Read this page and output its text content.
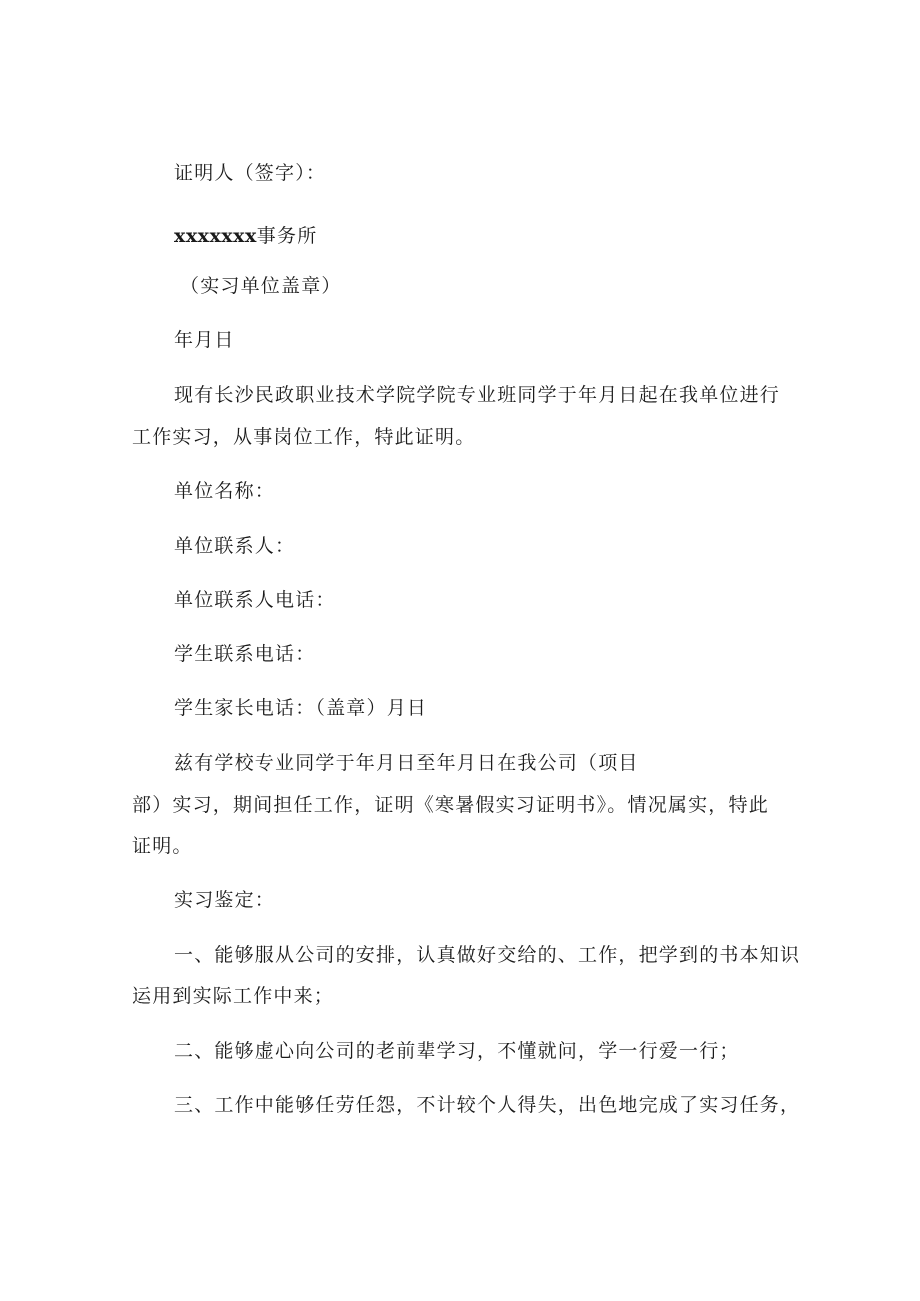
证明人（签字）：
xxxxxxx事务所
（实习单位盖章）
年月日
现有长沙民政职业技术学院学院专业班同学于年月日起在我单位进行
工作实习，从事岗位工作，特此证明。
单位名称：
单位联系人：
单位联系人电话：
学生联系电话：
学生家长电话：（盖章）月日
兹有学校专业同学于年月日至年月日在我公司（项目
部）实习，期间担任工作，证明《寒暑假实习证明书》。情况属实，特此
证明。
实习鉴定：
一、能够服从公司的安排，认真做好交给的、工作，把学到的书本知识
运用到实际工作中来；
二、能够虚心向公司的老前辈学习，不懂就问，学一行爱一行；
三、工作中能够任劳任怨，不计较个人得失，出色地完成了实习任务，
